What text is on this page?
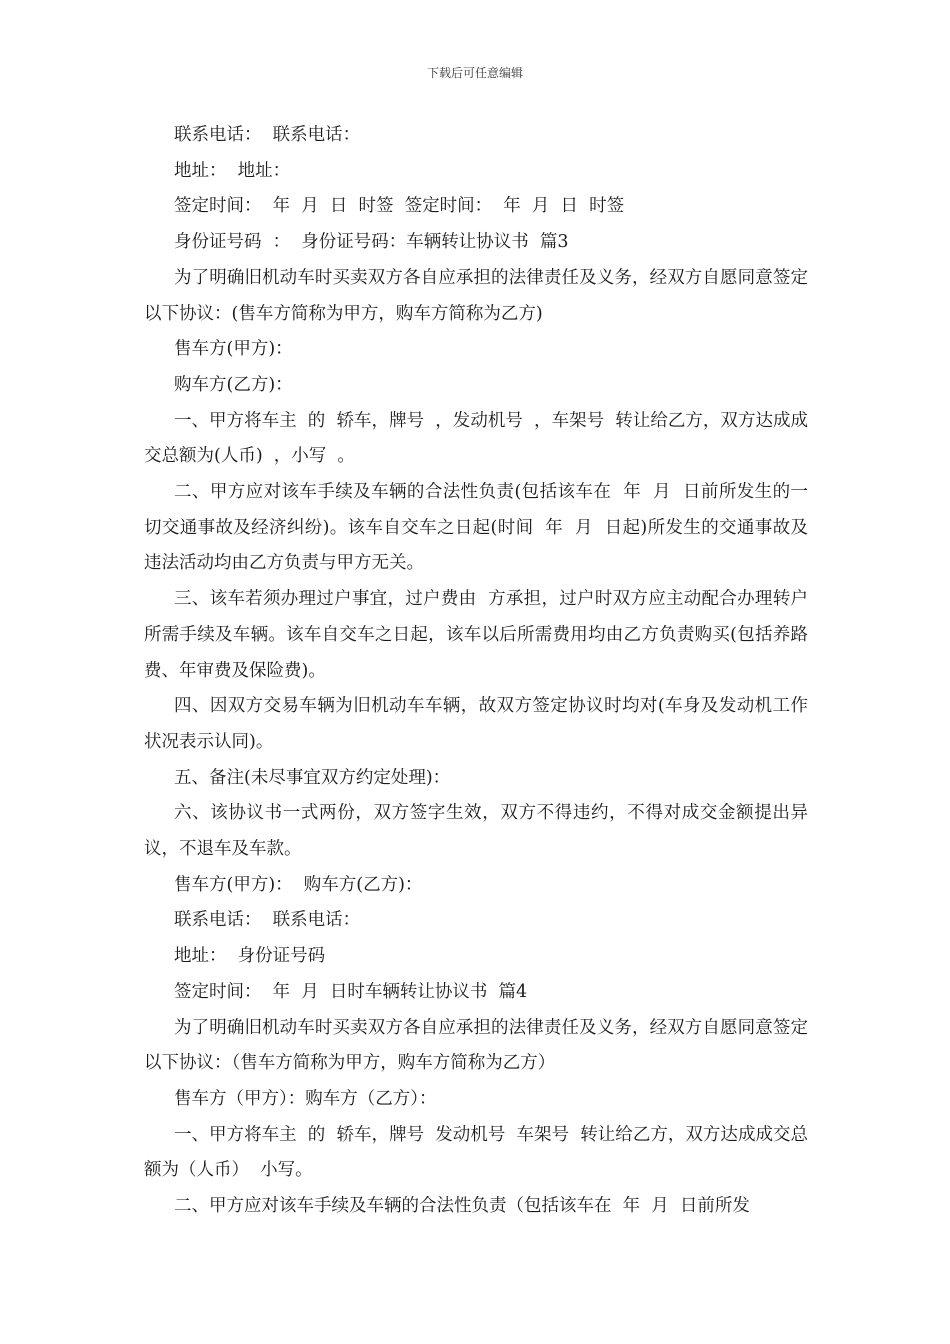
下载后可任意编辑

联系电话：  联系电话：

地址：  地址：

签定时间：  年  月  日  时签  签定时间：  年  月  日  时签

身份证号码  ：  身份证号码：车辆转让协议书  篇3

为了明确旧机动车时买卖双方各自应承担的法律责任及义务，经双方自愿同意签定以下协议：(售车方简称为甲方，购车方简称为乙方)

售车方(甲方)：

购车方(乙方)：

一、甲方将车主  的  轿车，牌号  ，发动机号  ，车架号  转让给乙方，双方达成成交总额为(人币)  ，小写  。

二、甲方应对该车手续及车辆的合法性负责(包括该车在  年  月  日前所发生的一切交通事故及经济纠纷)。该车自交车之日起(时间  年  月  日起)所发生的交通事故及违法活动均由乙方负责与甲方无关。

三、该车若须办理过户事宜，过户费由  方承担，过户时双方应主动配合办理转户所需手续及车辆。该车自交车之日起，该车以后所需费用均由乙方负责购买(包括养路费、年审费及保险费)。

四、因双方交易车辆为旧机动车车辆，故双方签定协议时均对(车身及发动机工作状况表示认同)。

五、备注(未尽事宜双方约定处理)：

六、该协议书一式两份，双方签字生效，双方不得违约，不得对成交金额提出异议，不退车及车款。

售车方(甲方)：  购车方(乙方)：

联系电话：  联系电话：

地址：  身份证号码

签定时间：  年  月  日时车辆转让协议书  篇4

为了明确旧机动车时买卖双方各自应承担的法律责任及义务，经双方自愿同意签定以下协议：（售车方简称为甲方，购车方简称为乙方）

售车方（甲方）：购车方（乙方）：

一、甲方将车主  的  轿车，牌号  发动机号  车架号  转让给乙方，双方达成成交总额为（人币）  小写。

二、甲方应对该车手续及车辆的合法性负责（包括该车在  年  月  日前所发
